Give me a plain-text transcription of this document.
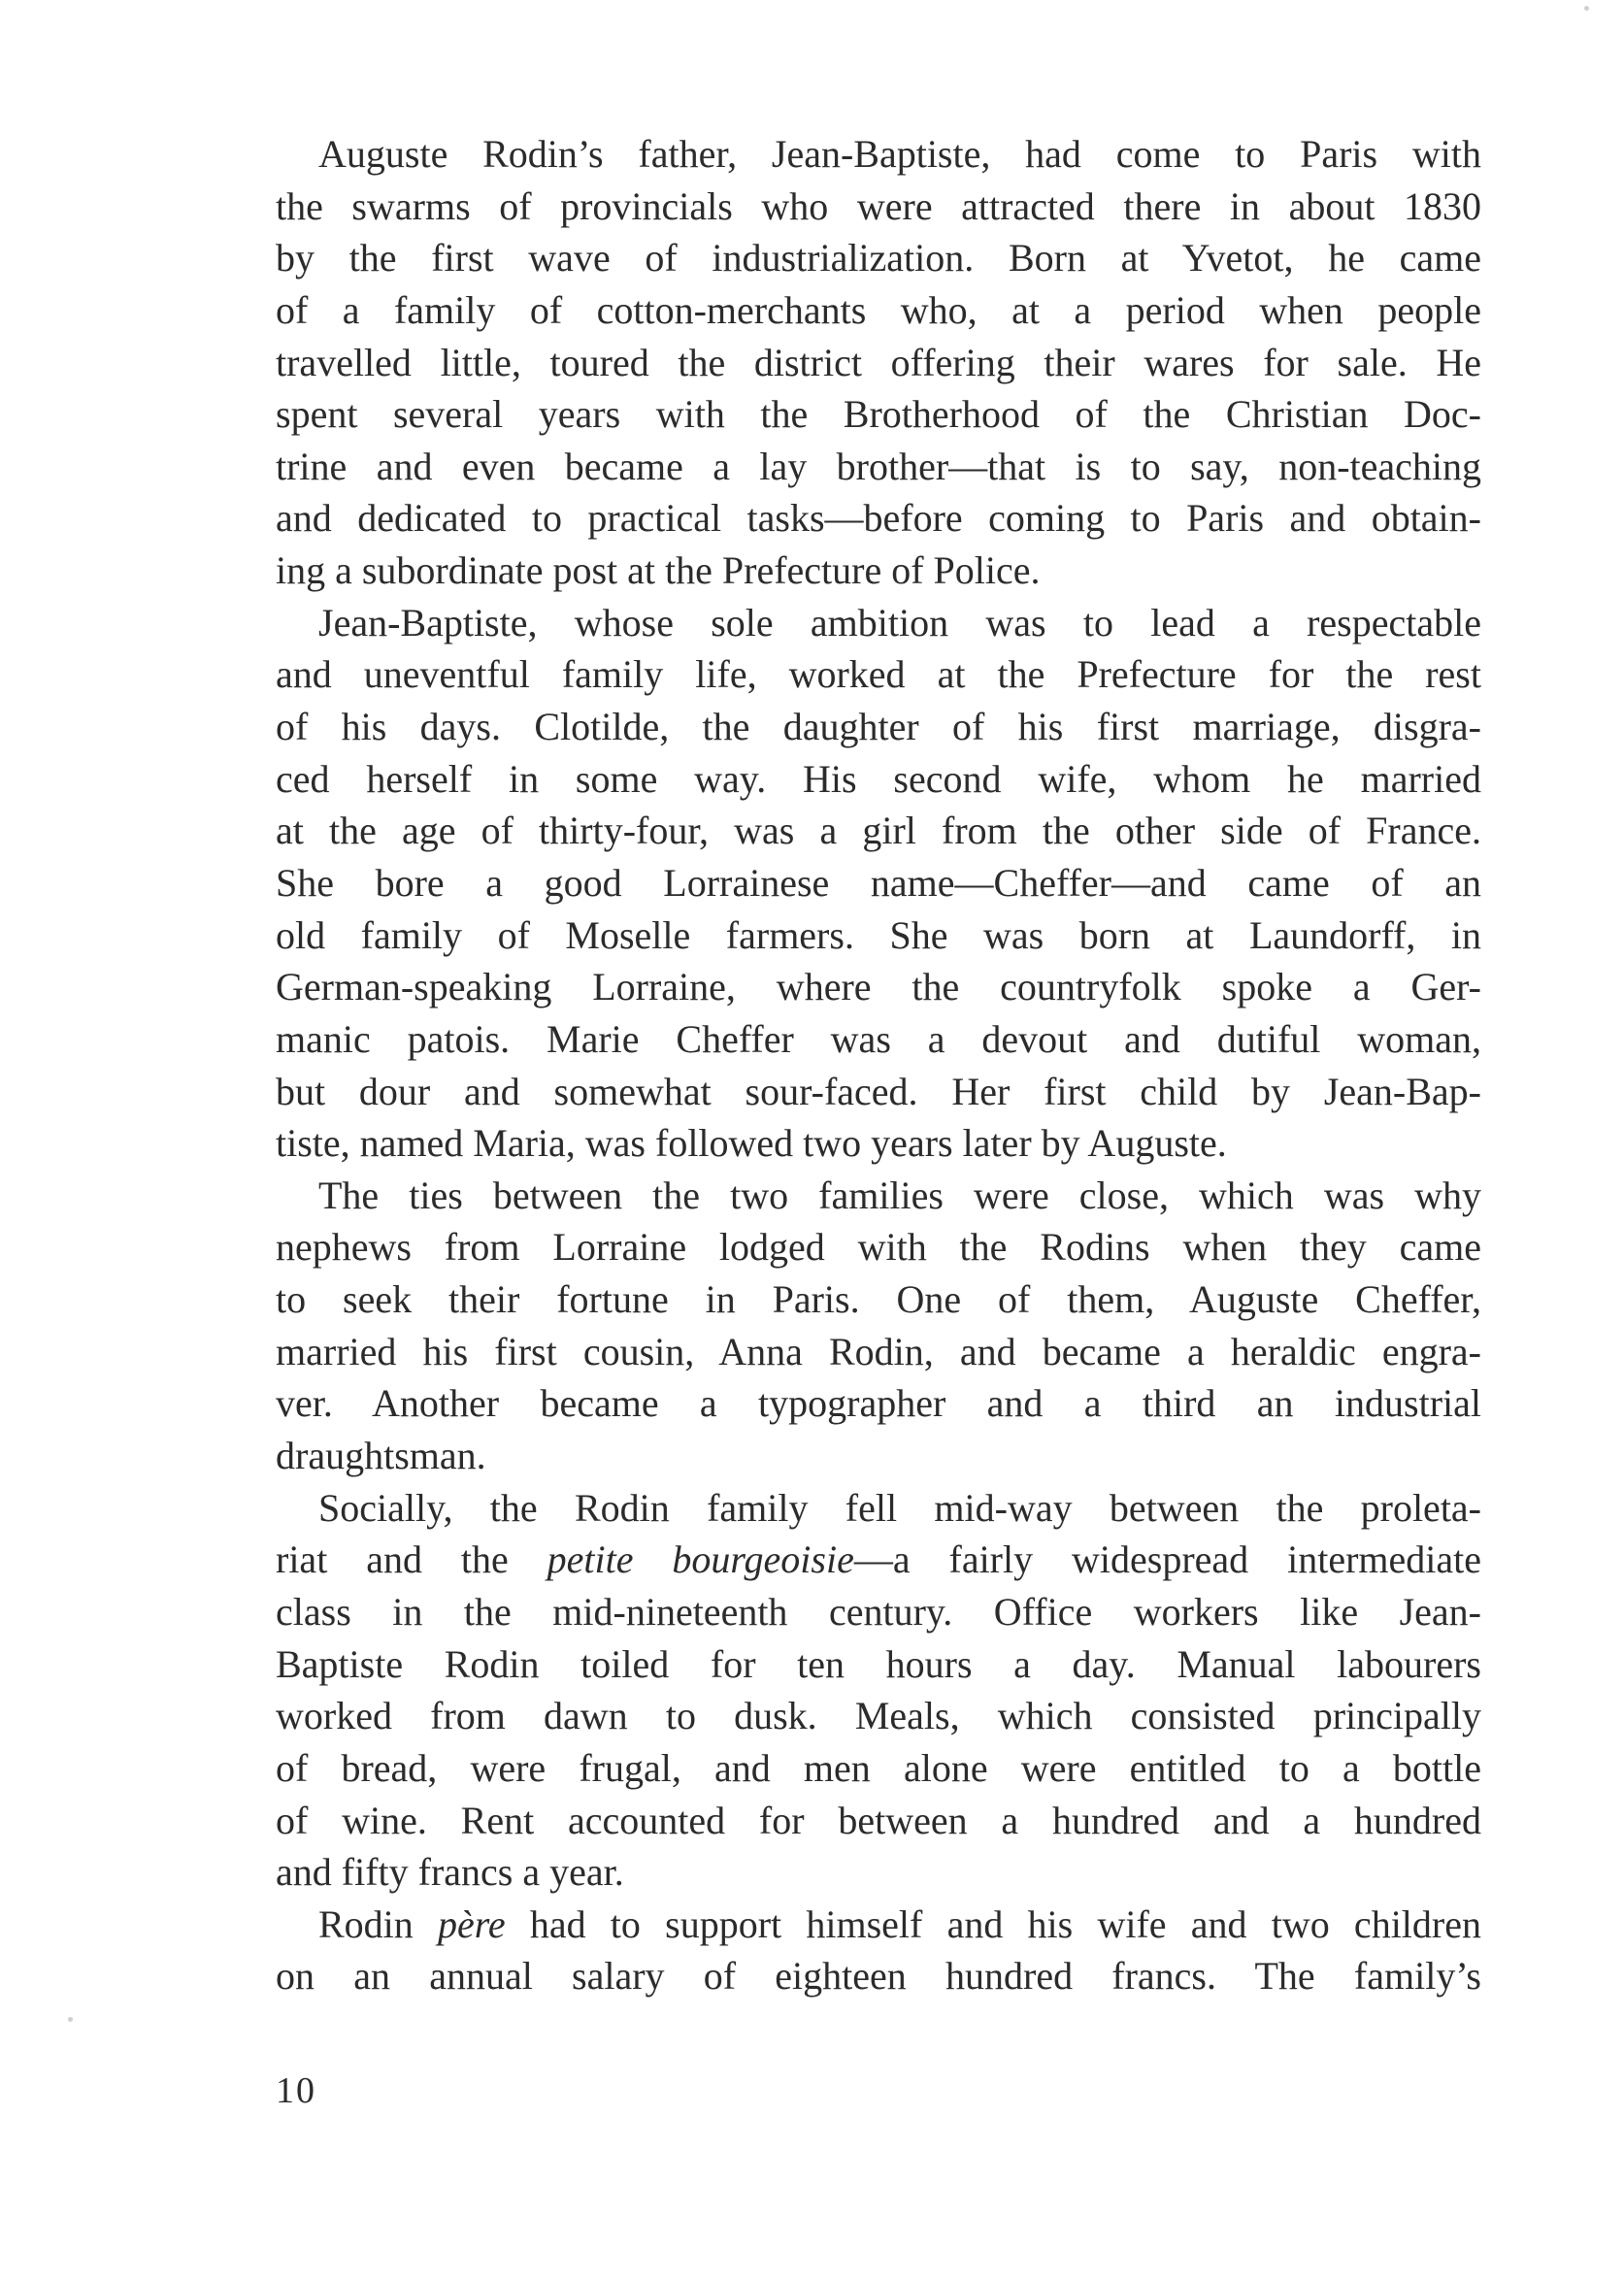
Auguste Rodin’s father, Jean-Baptiste, had come to Paris with
the swarms of provincials who were attracted there in about 1830
by the first wave of industrialization. Born at Yvetot, he came
of a family of cotton-merchants who, at a period when people
travelled little, toured the district offering their wares for sale. He
spent several years with the Brotherhood of the Christian Doc-
trine and even became a lay brother—that is to say, non-teaching
and dedicated to practical tasks—before coming to Paris and obtain-
ing a subordinate post at the Prefecture of Police.
Jean-Baptiste, whose sole ambition was to lead a respectable
and uneventful family life, worked at the Prefecture for the rest
of his days. Clotilde, the daughter of his first marriage, disgra-
ced herself in some way. His second wife, whom he married
at the age of thirty-four, was a girl from the other side of France.
She bore a good Lorrainese name—Cheffer—and came of an
old family of Moselle farmers. She was born at Laundorff, in
German-speaking Lorraine, where the countryfolk spoke a Ger-
manic patois. Marie Cheffer was a devout and dutiful woman,
but dour and somewhat sour-faced. Her first child by Jean-Bap-
tiste, named Maria, was followed two years later by Auguste.
The ties between the two families were close, which was why
nephews from Lorraine lodged with the Rodins when they came
to seek their fortune in Paris. One of them, Auguste Cheffer,
married his first cousin, Anna Rodin, and became a heraldic engra-
ver. Another became a typographer and a third an industrial
draughtsman.
Socially, the Rodin family fell mid-way between the proleta-
riat and the petite bourgeoisie—a fairly widespread intermediate
class in the mid-nineteenth century. Office workers like Jean-
Baptiste Rodin toiled for ten hours a day. Manual labourers
worked from dawn to dusk. Meals, which consisted principally
of bread, were frugal, and men alone were entitled to a bottle
of wine. Rent accounted for between a hundred and a hundred
and fifty francs a year.
Rodin père had to support himself and his wife and two children
on an annual salary of eighteen hundred francs. The family’s
10
